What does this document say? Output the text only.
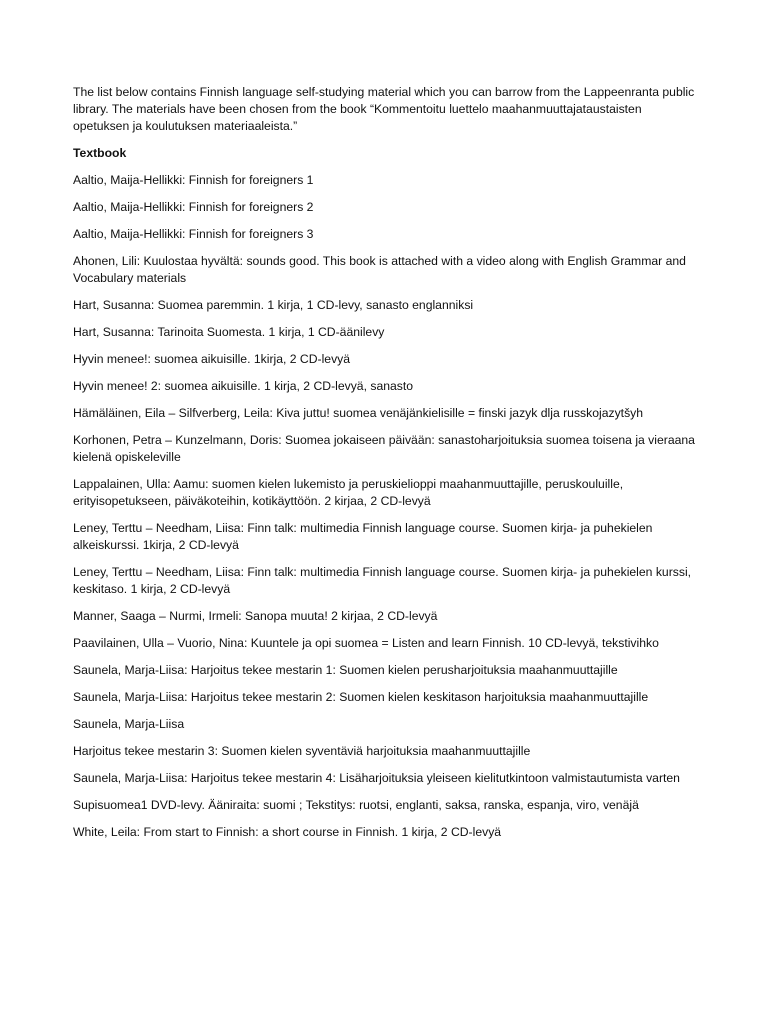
The list below contains Finnish language self-studying material which you can barrow from the Lappeenranta public library. The materials have been chosen from the book “Kommentoitu luettelo maahanmuuttajataustaisten opetuksen ja koulutuksen materiaaleista.”

Textbook

Aaltio, Maija-Hellikki: Finnish for foreigners 1
Aaltio, Maija-Hellikki: Finnish for foreigners 2
Aaltio, Maija-Hellikki: Finnish for foreigners 3
Ahonen, Lili: Kuulostaa hyvältä: sounds good. This book is attached with a video along with English Grammar and Vocabulary materials
Hart, Susanna: Suomea paremmin. 1 kirja, 1 CD-levy, sanasto englanniksi
Hart, Susanna: Tarinoita Suomesta. 1 kirja, 1 CD-äänilevy
Hyvin menee!: suomea aikuisille. 1kirja, 2 CD-levyä
Hyvin menee! 2: suomea aikuisille. 1 kirja, 2 CD-levyä, sanasto
Hämäläinen, Eila – Silfverberg, Leila: Kiva juttu! suomea venäjänkielisille = finski jazyk dlja russkojazytšyh
Korhonen, Petra – Kunzelmann, Doris: Suomea jokaiseen päivään: sanastoharjoituksia suomea toisena ja vieraana kielenä opiskeleville
Lappalainen, Ulla: Aamu: suomen kielen lukemisto ja peruskielioppi maahanmuuttajille, peruskouluille, erityisopetukseen, päiväkoteihin, kotikäyttöön. 2 kirjaa, 2 CD-levyä
Leney, Terttu – Needham, Liisa: Finn talk: multimedia Finnish language course. Suomen kirja- ja puhekielen alkeiskurssi. 1kirja, 2 CD-levyä
Leney, Terttu – Needham, Liisa: Finn talk: multimedia Finnish language course. Suomen kirja- ja puhekielen kurssi, keskitaso. 1 kirja, 2 CD-levyä
Manner, Saaga – Nurmi, Irmeli: Sanopa muuta! 2 kirjaa, 2 CD-levyä
Paavilainen, Ulla – Vuorio, Nina: Kuuntele ja opi suomea = Listen and learn Finnish. 10 CD-levyä, tekstivihko
Saunela, Marja-Liisa: Harjoitus tekee mestarin 1: Suomen kielen perusharjoituksia maahanmuuttajille
Saunela, Marja-Liisa: Harjoitus tekee mestarin 2: Suomen kielen keskitason harjoituksia maahanmuuttajille
Saunela, Marja-Liisa
Harjoitus tekee mestarin 3: Suomen kielen syventäviä harjoituksia maahanmuuttajille
Saunela, Marja-Liisa: Harjoitus tekee mestarin 4: Lisäharjoituksia yleiseen kielitutkintoon valmistautumista varten
Supisuomea1 DVD-levy. Ääniraita: suomi ; Tekstitys: ruotsi, englanti, saksa, ranska, espanja, viro, venäjä
White, Leila: From start to Finnish: a short course in Finnish. 1 kirja, 2 CD-levyä
